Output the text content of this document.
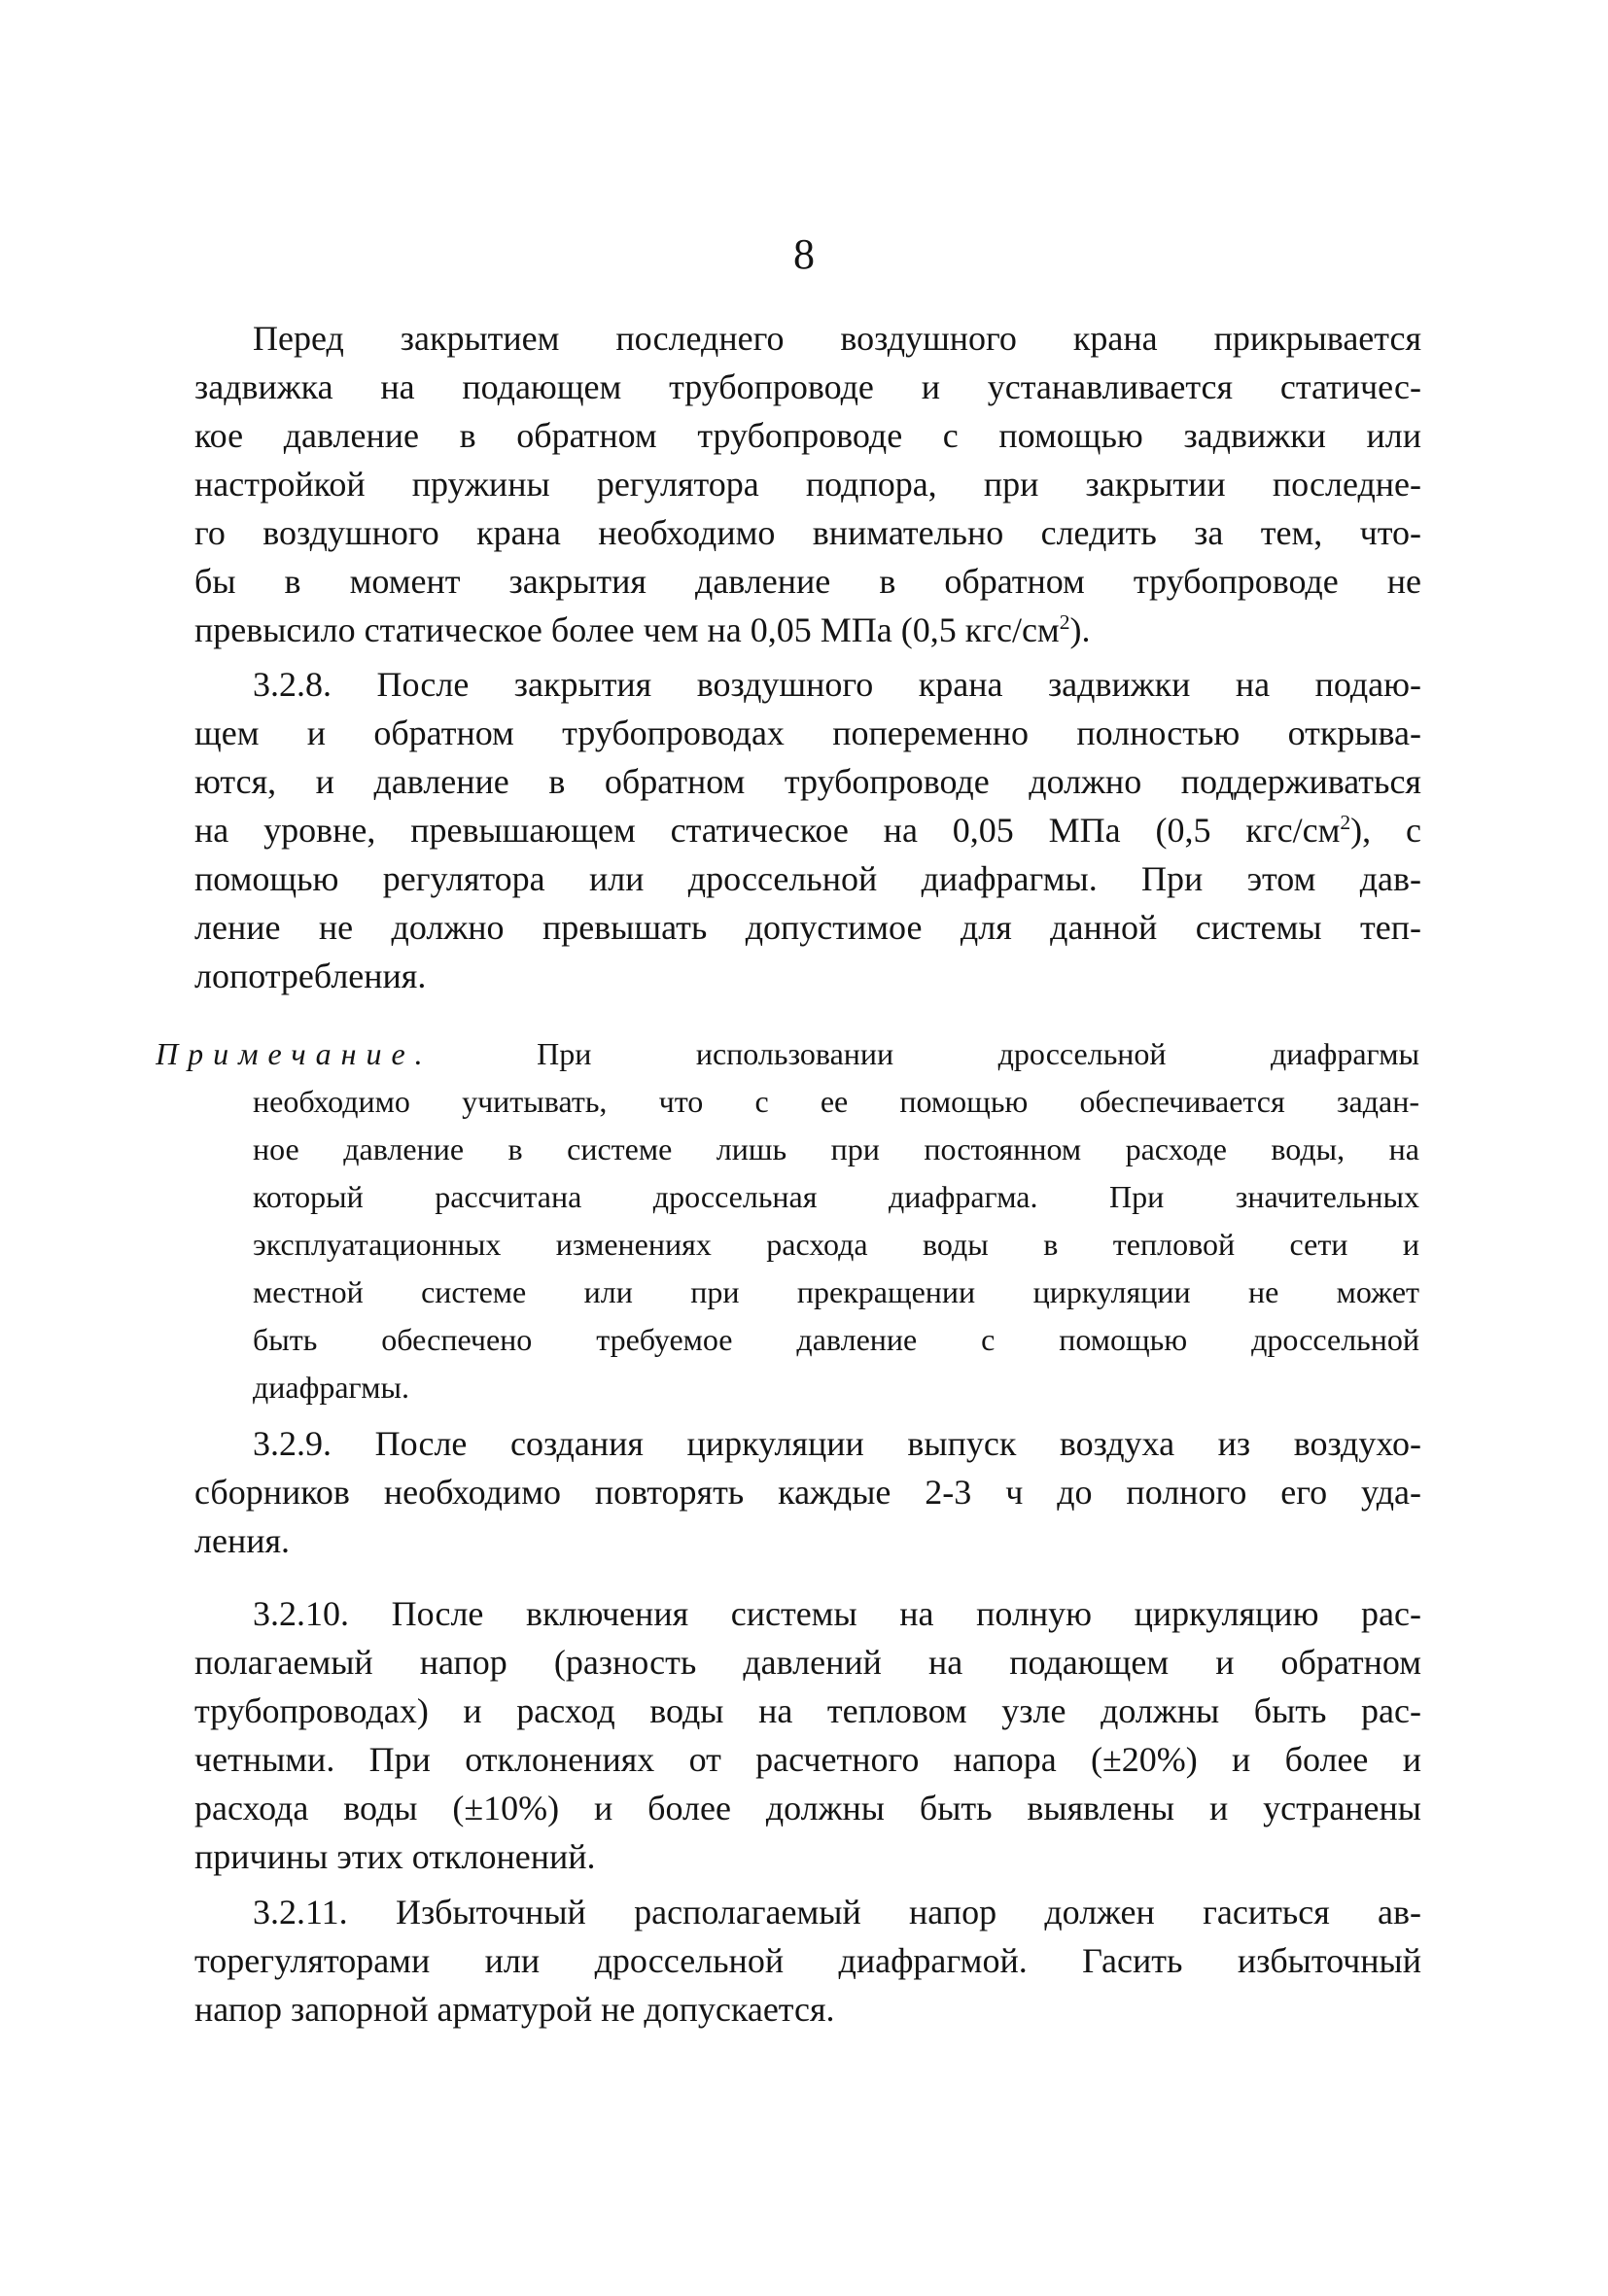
8
Перед закрытием последнего воздушного крана прикрывается
задвижка на подающем трубопроводе и устанавливается статичес-
кое давление в обратном трубопроводе с помощью задвижки или
настройкой пружины регулятора подпора, при закрытии последне-
го воздушного крана необходимо внимательно следить за тем, что-
бы в момент закрытия давление в обратном трубопроводе не
превысило статическое более чем на 0,05 МПа (0,5 кгс/$см^2$).
3.2.8. После закрытия воздушного крана задвижки на подаю-
щем и обратном трубопроводах попеременно полностью открыва-
ются, и давление в обратном трубопроводе должно поддерживаться
на уровне, превышающем статическое на 0,05 МПа (0,5 кгс/$см^2$), с
помощью регулятора или дроссельной диафрагмы. При этом дав-
ление не должно превышать допустимое для данной системы теп-
лопотребления.
Примечание.	При использовании дроссельной диафрагмы
необходимо учитывать, что с ее помощью обеспечивается задан-
ное давление в системе лишь при постоянном расходе воды, на
который рассчитана дроссельная диафрагма. При значительных
эксплуатационных изменениях расхода воды в тепловой сети и
местной системе или при прекращении циркуляции не может
быть обеспечено требуемое давление с помощью дроссельной
диафрагмы.
3.2.9. После создания циркуляции выпуск воздуха из воздухо-
сборников необходимо повторять каждые 2-3 ч до полного его уда-
ления.
3.2.10. После включения системы на полную циркуляцию рас-
полагаемый напор (разность давлений на подающем и обратном
трубопроводах) и расход воды на тепловом узле должны быть рас-
четными. При отклонениях от расчетного напора (±20%) и более и
расхода воды (±10%) и более должны быть выявлены и устранены
причины этих отклонений.
3.2.11. Избыточный располагаемый напор должен гаситься ав-
торегуляторами или дроссельной диафрагмой. Гасить избыточный
напор запорной арматурой не допускается.
